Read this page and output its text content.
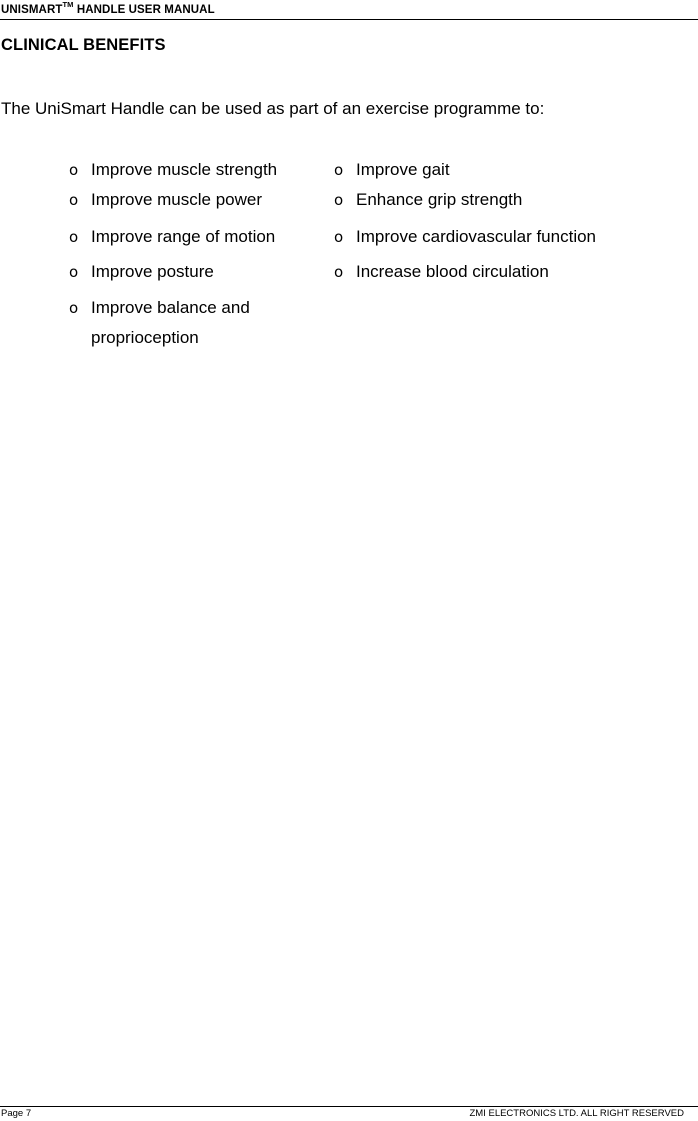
UNISMART™ HANDLE USER MANUAL
CLINICAL BENEFITS

The UniSmart Handle can be used as part of an exercise programme to:

o Improve muscle strength
o Improve muscle power
o Improve range of motion
o Improve posture
o Improve balance and proprioception
o Improve gait
o Enhance grip strength
o Improve cardiovascular function
o Increase blood circulation
Page 7	ZMI ELECTRONICS LTD. ALL RIGHT RESERVED
